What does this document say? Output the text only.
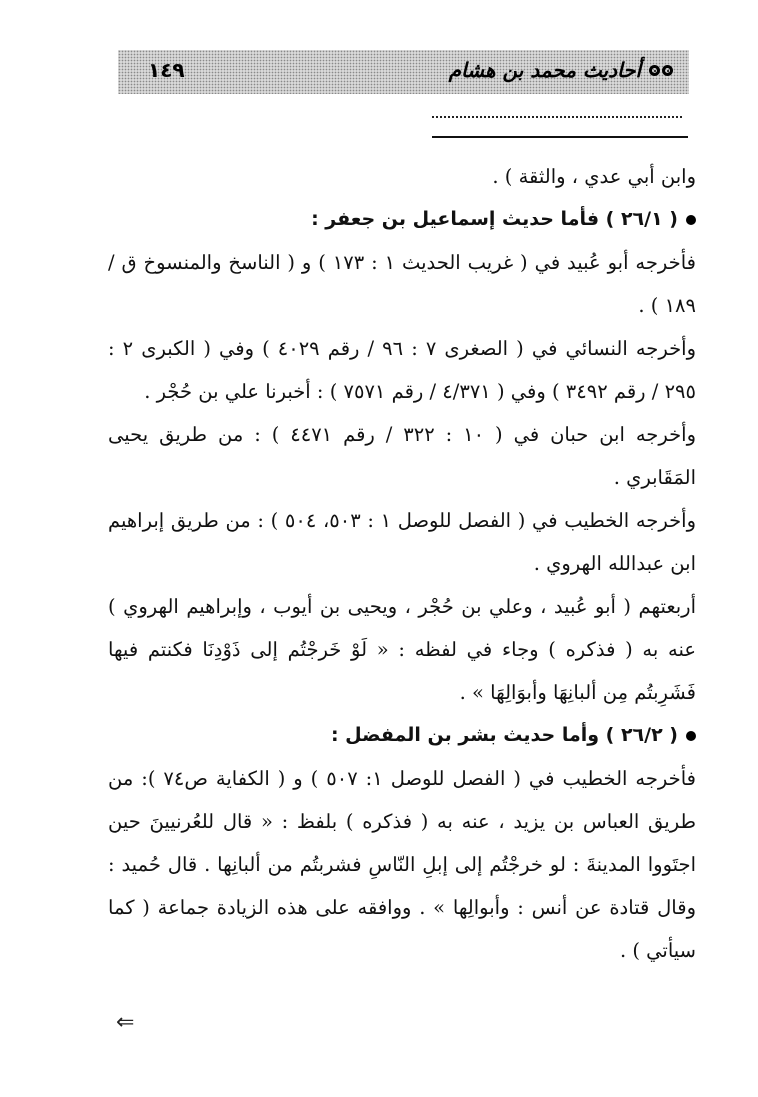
أحاديث محمد بن هشام
١٤٩

وابن أبي عدي ، والثقة ) .

( ٢٦/١ ) فأما حديث إسماعيل بن جعفر :

فأخرجه أبو عُبيد في ( غريب الحديث ١ : ١٧٣ ) و ( الناسخ والمنسوخ ق / ١٨٩ ) .

وأخرجه النسائي في ( الصغرى ٧ : ٩٦ / رقم ٤٠٢٩ ) وفي ( الكبرى ٢ : ٢٩٥ / رقم ٣٤٩٢ ) وفي ( ٤/٣٧١ / رقم ٧٥٧١ ) : أخبرنا علي بن حُجْر .

وأخرجه ابن حبان في ( ١٠ : ٣٢٢ / رقم ٤٤٧١ ) : من طريق يحيى المَقَابري .

وأخرجه الخطيب في ( الفصل للوصل ١ : ٥٠٣، ٥٠٤ ) : من طريق إبراهيم ابن عبدالله الهروي .

أربعتهم ( أبو عُبيد ، وعلي بن حُجْر ، ويحيى بن أيوب ، وإبراهيم الهروي ) عنه به ( فذكره ) وجاء في لفظه : « لَوْ خَرجْتُم إلى ذَوْدِنَا فكنتم فيها فَشَرِبتُم مِن ألبانِهَا وأبوَالِهَا » .

( ٢٦/٢ ) وأما حديث بشر بن المفضل :

فأخرجه الخطيب في ( الفصل للوصل ١: ٥٠٧ ) و ( الكفاية ص٧٤ ): من طريق العباس بن يزيد ، عنه به ( فذكره ) بلفظ : « قال للعُرنيينَ حين اجتَووا المدينةَ : لو خرجْتُم إلى إبلِ النّاسِ فشربتُم من ألبانِها . قال حُميد : وقال قتادة عن أنس : وأبوالِها » . ووافقه على هذه الزيادة جماعة ( كما سيأتي ) .

⇐
